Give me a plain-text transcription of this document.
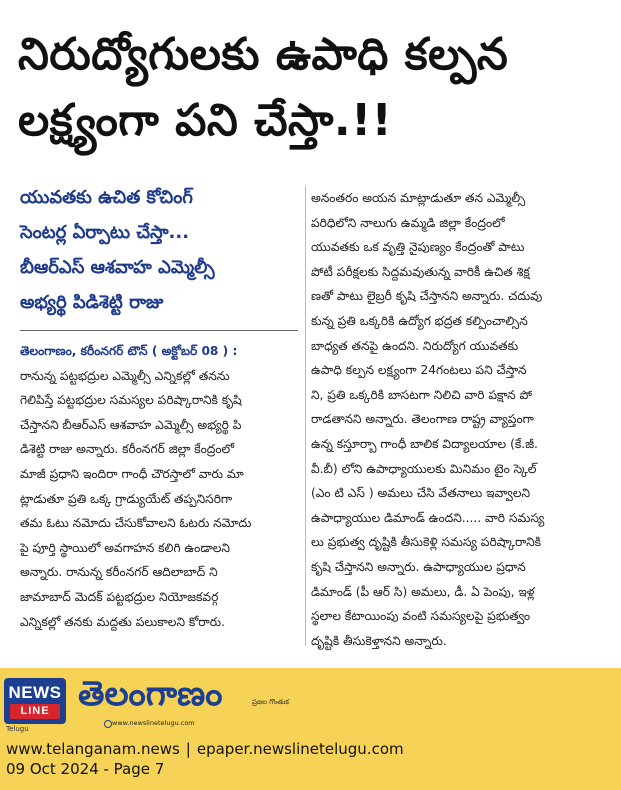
నిరుద్యోగులకు ఉపాధి కల్పన
లక్ష్యంగా పని చేస్తా.!!
యువతకు ఉచిత కోచింగ్
సెంటర్ల ఏర్పాటు చేస్తా...
బీఆర్ఎస్ ఆశవాహ ఎమ్మెల్సీ
అభ్యర్థి పిడిశెట్టి రాజు
తెలంగాణం, కరీంనగర్ టౌన్ ( అక్టోబర్ 08 ) :
రానున్న పట్టభద్రుల ఎమ్మెల్సీ ఎన్నికల్లో తనను
గెలిపిస్తే పట్టభద్రుల సమస్యల పరిష్కారానికి కృషి
చేస్తానని బీఆర్ఎస్ ఆశవాహ ఎమ్మెల్సీ అభ్యర్థి పి
డిశెట్టి రాజు అన్నారు. కరీంనగర్ జిల్లా కేంద్రంలో
మాజీ ప్రధాని ఇందిరా గాంధీ చౌరస్తాలో వారు మా
ట్లాడుతూ ప్రతి ఒక్క గ్రాడ్యుయేట్ తప్పనిసరిగా
తమ ఓటు నమోదు చేసుకోవాలని ఓటరు నమోదు
పై పూర్తి స్థాయిలో అవగాహన కలిగి ఉండాలని
అన్నారు. రానున్న కరీంనగర్ ఆదిలాబాద్ ని
జామాబాద్ మెదక్ పట్టభద్రుల నియోజకవర్గ
ఎన్నికల్లో తనకు మద్దతు పలుకాలని కోరారు.
అనంతరం అయన మాట్లాడుతూ తన ఎమ్మెల్సీ
పరిధిలోని నాలుగు ఉమ్మడి జిల్లా కేంద్రంలో
యువతకు ఒక వృత్తి నైపుణ్యం కేంద్రంతో పాటు
పోటీ పరీక్షలకు సిద్దమవుతున్న వారికీ ఉచిత శిక్ష
ణతో పాటు లైబ్రరీ కృషి చేస్తానని అన్నారు. చదువు
కున్న ప్రతి ఒక్కరికి ఉద్యోగ భద్రత కల్పించాల్సిన
బాధ్యత తనపై ఉందని. నిరుద్యోగ యువతకు
ఉపాధి కల్పన లక్ష్యంగా 24గంటలు పని చేస్తాన
ని, ప్రతి ఒక్కరికి బాసటగా నిలిచి వారి పక్షాన పో
రాడతానని అన్నారు. తెలంగాణ రాష్ట్ర వ్యాప్తంగా
ఉన్న కస్తూర్బా గాంధీ బాలిక విద్యాలయాల (కే.జీ.
వీ.బీ) లోని ఉపాధ్యాయులకు మినిమం టైం స్కెల్
(ఎం టి ఎస్ ) అమలు చేసి వేతనాలు ఇవ్వాలని
ఉపాధ్యాయుల డిమాండ్ ఉందని..... వారి సమస్య
లు ప్రభుత్వ దృష్టికి తీసుకెళ్లి సమస్య పరిష్కారానికి
కృషి చేస్తానని అన్నారు. ఉపాధ్యాయుల ప్రధాన
డిమాండ్ (పీ ఆర్ సి) అమలు, డీ. ఏ పెంపు, ఇళ్ల
స్థలాల కేటాయింపు వంటి సమస్యలపై ప్రభుత్వం
దృష్టికి తీసుకెళ్తానని అన్నారు.
NEWS
LINE
Telugu
తెలంగాణం	ప్రజల గొంతుక
www.newslinetelugu.com
www.telanganam.news | epaper.newslinetelugu.com
09 Oct 2024 - Page 7
